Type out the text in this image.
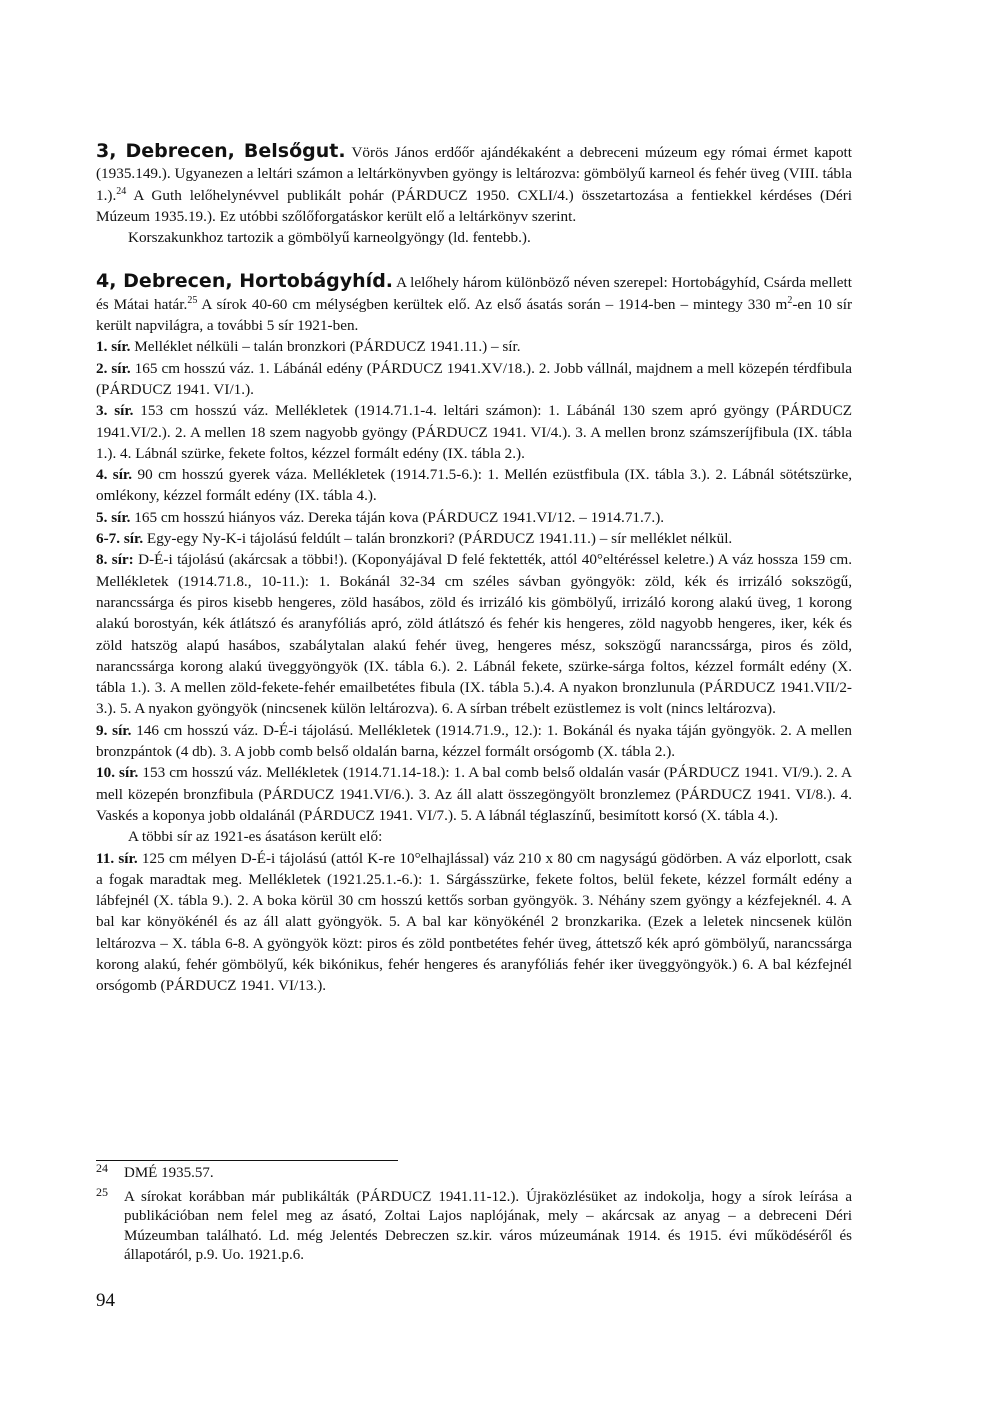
3, Debrecen, Belsőgut. Vörös János erdőőr ajándékaként a debreceni múzeum egy római érmet kapott (1935.149.). Ugyanezen a leltári számon a leltárkönyvben gyöngy is leltározva: gömbölyű karneol és fehér üveg (VIII. tábla 1.).$^{24}$ A Guth lelőhelynévvel publikált pohár (PÁRDUCZ 1950. CXLI/4.) összetartozása a fentiekkel kérdéses (Déri Múzeum 1935.19.). Ez utóbbi szőlőforgatáskor került elő a leltárkönyv szerint.

Korszakunkhoz tartozik a gömbölyű karneolgyöngy (ld. fentebb.).

4, Debrecen, Hortobágyhíd. A lelőhely három különböző néven szerepel: Hortobágyhíd, Csárda mellett és Mátai határ.$^{25}$ A sírok 40-60 cm mélységben kerültek elő. Az első ásatás során – 1914-ben – mintegy 330 $m^2-en$ 10 sír került napvilágra, a további 5 sír 1921-ben.

1. sír. Melléklet nélküli – talán bronzkori (PÁRDUCZ 1941.11.) – sír.

2. sír. 165 cm hosszú váz. 1. Lábánál edény (PÁRDUCZ 1941.XV/18.). 2. Jobb vállnál, majdnem a mell közepén térdfibula (PÁRDUCZ 1941. VI/1.).

3. sír. 153 cm hosszú váz. Mellékletek (1914.71.1-4. leltári számon): 1. Lábánál 130 szem apró gyöngy (PÁRDUCZ 1941.VI/2.). 2. A mellen 18 szem nagyobb gyöngy (PÁRDUCZ 1941. VI/4.). 3. A mellen bronz számszeríjfibula (IX. tábla 1.). 4. Lábnál szürke, fekete foltos, kézzel formált edény (IX. tábla 2.).

4. sír. 90 cm hosszú gyerek váza. Mellékletek (1914.71.5-6.): 1. Mellén ezüstfibula (IX. tábla 3.). 2. Lábnál sötétszürke, omlékony, kézzel formált edény (IX. tábla 4.).

5. sír. 165 cm hosszú hiányos váz. Dereka táján kova (PÁRDUCZ 1941.VI/12. – 1914.71.7.).

6-7. sír. Egy-egy Ny-K-i tájolású feldúlt – talán bronzkori? (PÁRDUCZ 1941.11.) – sír melléklet nélkül.

8. sír: D-É-i tájolású (akárcsak a többi!). (Koponyájával D felé fektették, attól 40°eltéréssel keletre.) A váz hossza 159 cm. Mellékletek (1914.71.8., 10-11.): 1. Bokánál 32-34 cm széles sávban gyöngyök: zöld, kék és irrizáló sokszögű, narancssárga és piros kisebb hengeres, zöld hasábos, zöld és irrizáló kis gömbölyű, irrizáló korong alakú üveg, 1 korong alakú borostyán, kék átlátszó és aranyfóliás apró, zöld átlátszó és fehér kis hengeres, zöld nagyobb hengeres, iker, kék és zöld hatszög alapú hasábos, szabálytalan alakú fehér üveg, hengeres mész, sokszögű narancssárga, piros és zöld, narancssárga korong alakú üveggyöngyök (IX. tábla 6.). 2. Lábnál fekete, szürke-sárga foltos, kézzel formált edény (X. tábla 1.). 3. A mellen zöld-fekete-fehér emailbetétes fibula (IX. tábla 5.).4. A nyakon bronzlunula (PÁRDUCZ 1941.VII/2-3.). 5. A nyakon gyöngyök (nincsenek külön leltározva). 6. A sírban trébelt ezüstlemez is volt (nincs leltározva).

9. sír. 146 cm hosszú váz. D-É-i tájolású. Mellékletek (1914.71.9., 12.): 1. Bokánál és nyaka táján gyöngyök. 2. A mellen bronzpántok (4 db). 3. A jobb comb belső oldalán barna, kézzel formált orsógomb (X. tábla 2.).

10. sír. 153 cm hosszú váz. Mellékletek (1914.71.14-18.): 1. A bal comb belső oldalán vasár (PÁRDUCZ 1941. VI/9.). 2. A mell közepén bronzfibula (PÁRDUCZ 1941.VI/6.). 3. Az áll alatt összegöngyölt bronzlemez (PÁRDUCZ 1941. VI/8.). 4. Vaskés a koponya jobb oldalánál (PÁRDUCZ 1941. VI/7.). 5. A lábnál téglaszínű, besimított korsó (X. tábla 4.).

A többi sír az 1921-es ásatáson került elő:

11. sír. 125 cm mélyen D-É-i tájolású (attól K-re 10°elhajlással) váz 210 x 80 cm nagyságú gödörben. A váz elporlott, csak a fogak maradtak meg. Mellékletek (1921.25.1.-6.): 1. Sárgásszürke, fekete foltos, belül fekete, kézzel formált edény a lábfejnél (X. tábla 9.). 2. A boka körül 30 cm hosszú kettős sorban gyöngyök. 3. Néhány szem gyöngy a kézfejeknél. 4. A bal kar könyökénél és az áll alatt gyöngyök. 5. A bal kar könyökénél 2 bronzkarika. (Ezek a leletek nincsenek külön leltározva – X. tábla 6-8. A gyöngyök közt: piros és zöld pontbetétes fehér üveg, áttetsző kék apró gömbölyű, narancssárga korong alakú, fehér gömbölyű, kék bikónikus, fehér hengeres és aranyfóliás fehér iker üveggyöngyök.) 6. A bal kézfejnél orsógomb (PÁRDUCZ 1941. VI/13.).

24 DMÉ 1935.57.

25 A sírokat korábban már publikálták (PÁRDUCZ 1941.11-12.). Újraközlésüket az indokolja, hogy a sírok leírása a publikációban nem felel meg az ásató, Zoltai Lajos naplójának, mely – akárcsak az anyag – a debreceni Déri Múzeumban található. Ld. még Jelentés Debreczen sz.kir. város múzeumának 1914. és 1915. évi működéséről és állapotáról, p.9. Uo. 1921.p.6.

94
